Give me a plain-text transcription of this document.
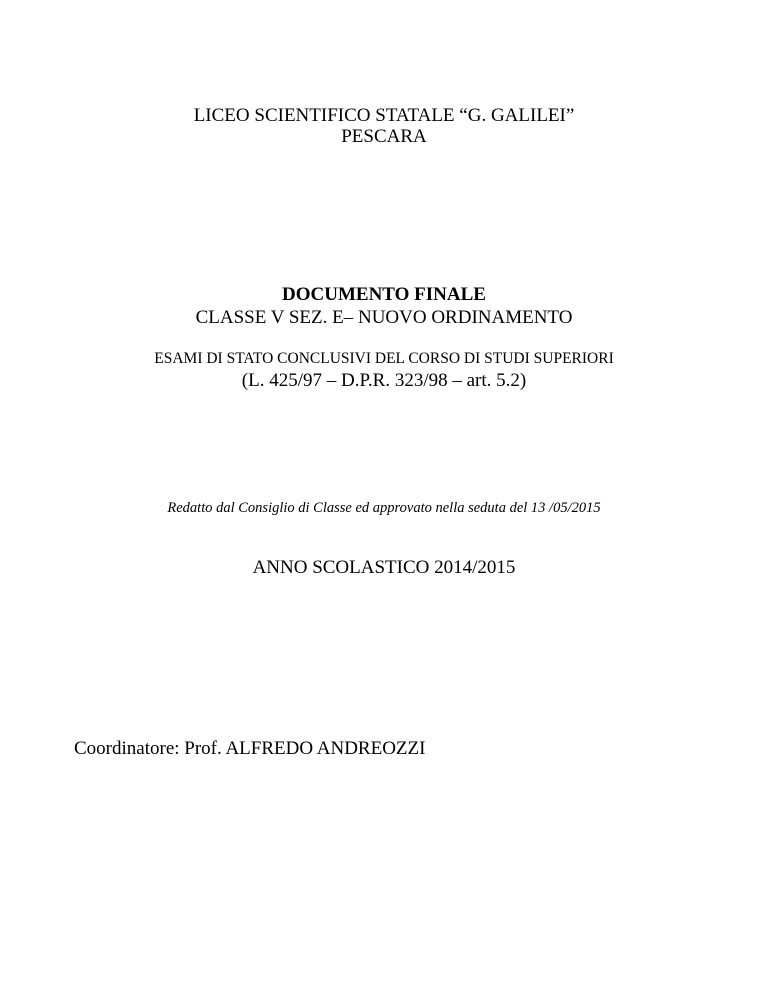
LICEO SCIENTIFICO STATALE “G. GALILEI”
PESCARA
DOCUMENTO FINALE
CLASSE V SEZ. E– NUOVO ORDINAMENTO
ESAMI DI STATO CONCLUSIVI DEL CORSO DI STUDI SUPERIORI
(L. 425/97 – D.P.R. 323/98 – art. 5.2)
Redatto dal Consiglio di Classe ed approvato nella seduta del 13 /05/2015
ANNO SCOLASTICO 2014/2015
Coordinatore: Prof. ALFREDO ANDREOZZI
